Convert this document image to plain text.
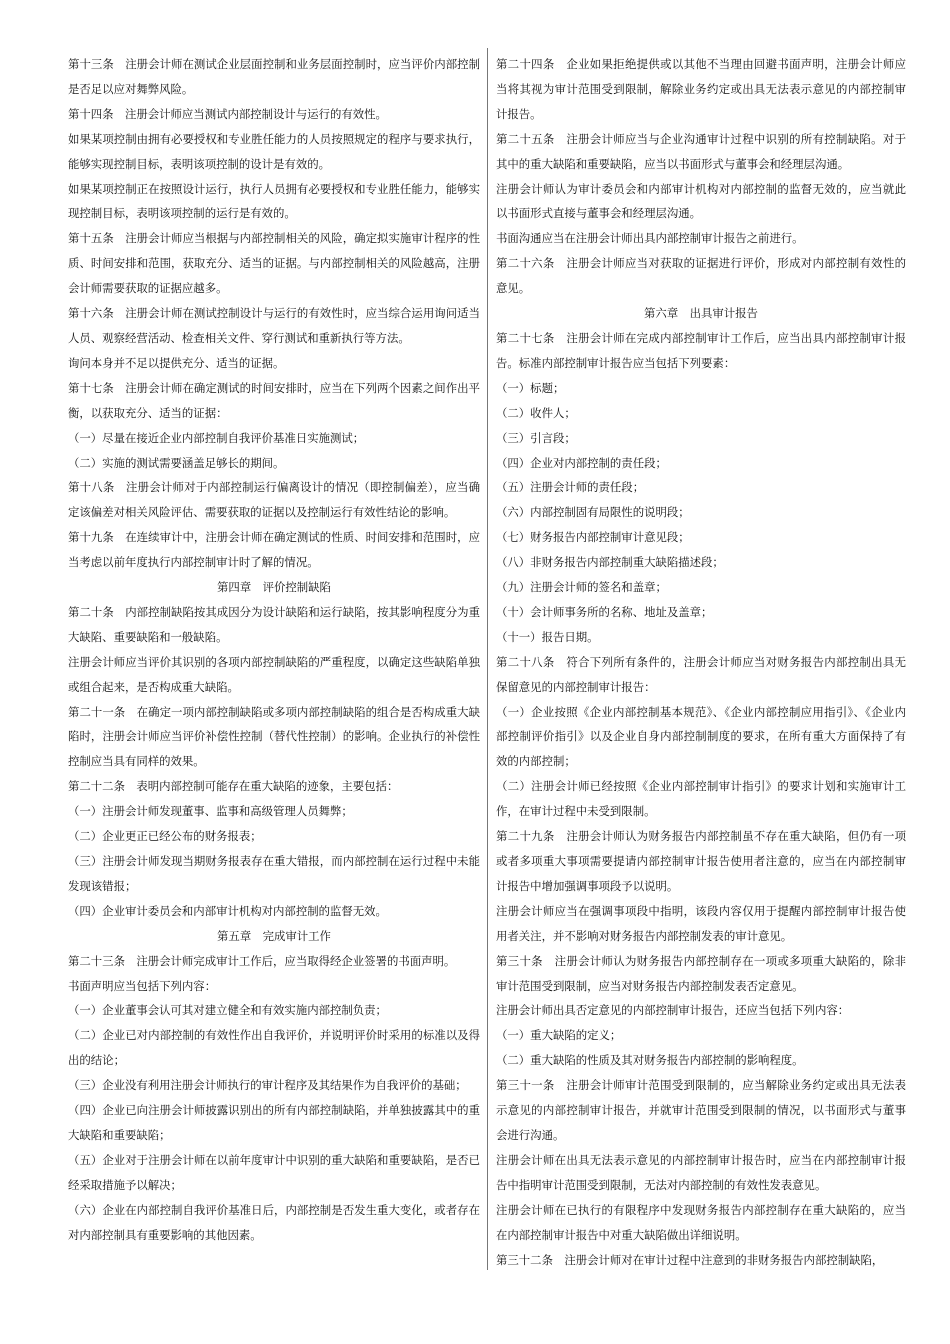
第十三条　注册会计师在测试企业层面控制和业务层面控制时，应当评价内部控制是否足以应对舞弊风险。

第十四条　注册会计师应当测试内部控制设计与运行的有效性。

如果某项控制由拥有必要授权和专业胜任能力的人员按照规定的程序与要求执行，能够实现控制目标，表明该项控制的设计是有效的。

如果某项控制正在按照设计运行，执行人员拥有必要授权和专业胜任能力，能够实现控制目标，表明该项控制的运行是有效的。

第十五条　注册会计师应当根据与内部控制相关的风险，确定拟实施审计程序的性质、时间安排和范围，获取充分、适当的证据。与内部控制相关的风险越高，注册会计师需要获取的证据应越多。

第十六条　注册会计师在测试控制设计与运行的有效性时，应当综合运用询问适当人员、观察经营活动、检查相关文件、穿行测试和重新执行等方法。

询问本身并不足以提供充分、适当的证据。

第十七条　注册会计师在确定测试的时间安排时，应当在下列两个因素之间作出平衡，以获取充分、适当的证据：

（一）尽量在接近企业内部控制自我评价基准日实施测试；

（二）实施的测试需要涵盖足够长的期间。

第十八条　注册会计师对于内部控制运行偏离设计的情况（即控制偏差），应当确定该偏差对相关风险评估、需要获取的证据以及控制运行有效性结论的影响。

第十九条　在连续审计中，注册会计师在确定测试的性质、时间安排和范围时，应当考虑以前年度执行内部控制审计时了解的情况。

第四章　评价控制缺陷

第二十条　内部控制缺陷按其成因分为设计缺陷和运行缺陷，按其影响程度分为重大缺陷、重要缺陷和一般缺陷。

注册会计师应当评价其识别的各项内部控制缺陷的严重程度，以确定这些缺陷单独或组合起来，是否构成重大缺陷。

第二十一条　在确定一项内部控制缺陷或多项内部控制缺陷的组合是否构成重大缺陷时，注册会计师应当评价补偿性控制（替代性控制）的影响。企业执行的补偿性控制应当具有同样的效果。

第二十二条　表明内部控制可能存在重大缺陷的迹象，主要包括：

（一）注册会计师发现董事、监事和高级管理人员舞弊；

（二）企业更正已经公布的财务报表；

（三）注册会计师发现当期财务报表存在重大错报，而内部控制在运行过程中未能发现该错报；

（四）企业审计委员会和内部审计机构对内部控制的监督无效。

第五章　完成审计工作

第二十三条　注册会计师完成审计工作后，应当取得经企业签署的书面声明。

书面声明应当包括下列内容：

（一）企业董事会认可其对建立健全和有效实施内部控制负责；

（二）企业已对内部控制的有效性作出自我评价，并说明评价时采用的标准以及得出的结论；

（三）企业没有利用注册会计师执行的审计程序及其结果作为自我评价的基础；

（四）企业已向注册会计师披露识别出的所有内部控制缺陷，并单独披露其中的重大缺陷和重要缺陷；

（五）企业对于注册会计师在以前年度审计中识别的重大缺陷和重要缺陷，是否已经采取措施予以解决；

（六）企业在内部控制自我评价基准日后，内部控制是否发生重大变化，或者存在对内部控制具有重要影响的其他因素。

第二十四条　企业如果拒绝提供或以其他不当理由回避书面声明，注册会计师应当将其视为审计范围受到限制，解除业务约定或出具无法表示意见的内部控制审计报告。

第二十五条　注册会计师应当与企业沟通审计过程中识别的所有控制缺陷。对于其中的重大缺陷和重要缺陷，应当以书面形式与董事会和经理层沟通。

注册会计师认为审计委员会和内部审计机构对内部控制的监督无效的，应当就此以书面形式直接与董事会和经理层沟通。

书面沟通应当在注册会计师出具内部控制审计报告之前进行。

第二十六条　注册会计师应当对获取的证据进行评价，形成对内部控制有效性的意见。

第六章　出具审计报告

第二十七条　注册会计师在完成内部控制审计工作后，应当出具内部控制审计报告。标准内部控制审计报告应当包括下列要素：

（一）标题；

（二）收件人；

（三）引言段；

（四）企业对内部控制的责任段；

（五）注册会计师的责任段；

（六）内部控制固有局限性的说明段；

（七）财务报告内部控制审计意见段；

（八）非财务报告内部控制重大缺陷描述段；

（九）注册会计师的签名和盖章；

（十）会计师事务所的名称、地址及盖章；

（十一）报告日期。

第二十八条　符合下列所有条件的，注册会计师应当对财务报告内部控制出具无保留意见的内部控制审计报告：

（一）企业按照《企业内部控制基本规范》、《企业内部控制应用指引》、《企业内部控制评价指引》以及企业自身内部控制制度的要求，在所有重大方面保持了有效的内部控制；

（二）注册会计师已经按照《企业内部控制审计指引》的要求计划和实施审计工作，在审计过程中未受到限制。

第二十九条　注册会计师认为财务报告内部控制虽不存在重大缺陷，但仍有一项或者多项重大事项需要提请内部控制审计报告使用者注意的，应当在内部控制审计报告中增加强调事项段予以说明。

注册会计师应当在强调事项段中指明，该段内容仅用于提醒内部控制审计报告使用者关注，并不影响对财务报告内部控制发表的审计意见。

第三十条　注册会计师认为财务报告内部控制存在一项或多项重大缺陷的，除非审计范围受到限制，应当对财务报告内部控制发表否定意见。

注册会计师出具否定意见的内部控制审计报告，还应当包括下列内容：

（一）重大缺陷的定义；

（二）重大缺陷的性质及其对财务报告内部控制的影响程度。

第三十一条　注册会计师审计范围受到限制的，应当解除业务约定或出具无法表示意见的内部控制审计报告，并就审计范围受到限制的情况，以书面形式与董事会进行沟通。

注册会计师在出具无法表示意见的内部控制审计报告时，应当在内部控制审计报告中指明审计范围受到限制，无法对内部控制的有效性发表意见。

注册会计师在已执行的有限程序中发现财务报告内部控制存在重大缺陷的，应当在内部控制审计报告中对重大缺陷做出详细说明。

第三十二条　注册会计师对在审计过程中注意到的非财务报告内部控制缺陷，
